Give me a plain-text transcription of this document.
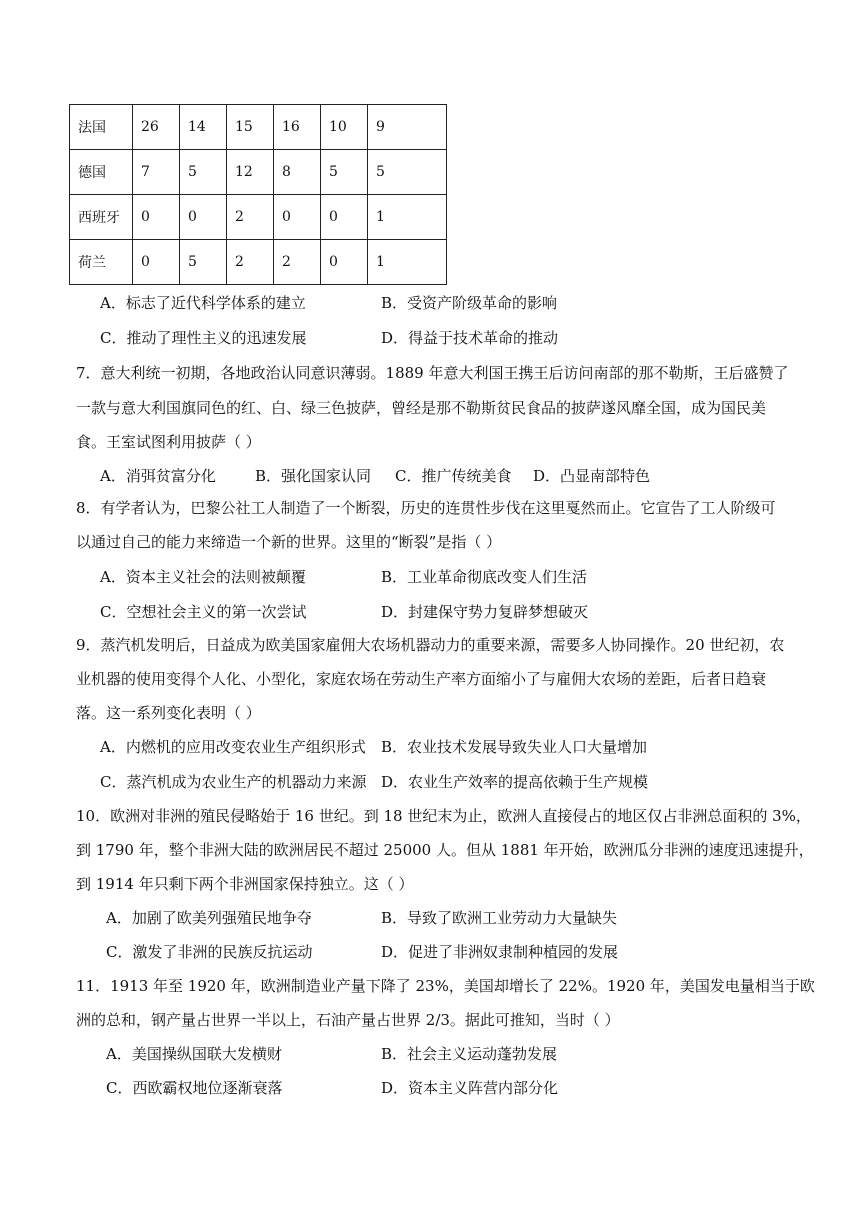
法国	26	14	15	16	10	9
德国	7	5	12	8	5	5
西班牙	0	0	2	0	0	1
荷兰	0	5	2	2	0	1
A．标志了近代科学体系的建立	B．受资产阶级革命的影响
C．推动了理性主义的迅速发展	D．得益于技术革命的推动
7．意大利统一初期，各地政治认同意识薄弱。1889 年意大利国王携王后访问南部的那不勒斯，王后盛赞了
一款与意大利国旗同色的红、白、绿三色披萨，曾经是那不勒斯贫民食品的披萨遂风靡全国，成为国民美
食。王室试图利用披萨（ ）
A．消弭贫富分化	B．强化国家认同 C．推广传统美食 D．凸显南部特色
8．有学者认为，巴黎公社工人制造了一个断裂，历史的连贯性步伐在这里戛然而止。它宣告了工人阶级可
以通过自己的能力来缔造一个新的世界。这里的“断裂”是指（ ）
A．资本主义社会的法则被颠覆	B．工业革命彻底改变人们生活
C．空想社会主义的第一次尝试	D．封建保守势力复辟梦想破灭
9．蒸汽机发明后，日益成为欧美国家雇佣大农场机器动力的重要来源，需要多人协同操作。20 世纪初，农
业机器的使用变得个人化、小型化，家庭农场在劳动生产率方面缩小了与雇佣大农场的差距，后者日趋衰
落。这一系列变化表明（ ）
A．内燃机的应用改变农业生产组织形式 B．农业技术发展导致失业人口大量增加
C．蒸汽机成为农业生产的机器动力来源 D．农业生产效率的提高依赖于生产规模
10．欧洲对非洲的殖民侵略始于 16 世纪。到 18 世纪末为止，欧洲人直接侵占的地区仅占非洲总面积的 3%，
到 1790 年，整个非洲大陆的欧洲居民不超过 25000 人。但从 1881 年开始，欧洲瓜分非洲的速度迅速提升，
到 1914 年只剩下两个非洲国家保持独立。这（ ）
A．加剧了欧美列强殖民地争夺	B．导致了欧洲工业劳动力大量缺失
C．激发了非洲的民族反抗运动	D．促进了非洲奴隶制种植园的发展
11．1913 年至 1920 年，欧洲制造业产量下降了 23%，美国却增长了 22%。1920 年，美国发电量相当于欧
洲的总和，钢产量占世界一半以上，石油产量占世界 2/3。据此可推知，当时（ ）
A．美国操纵国联大发横财	B．社会主义运动蓬勃发展
C．西欧霸权地位逐渐衰落	D．资本主义阵营内部分化
